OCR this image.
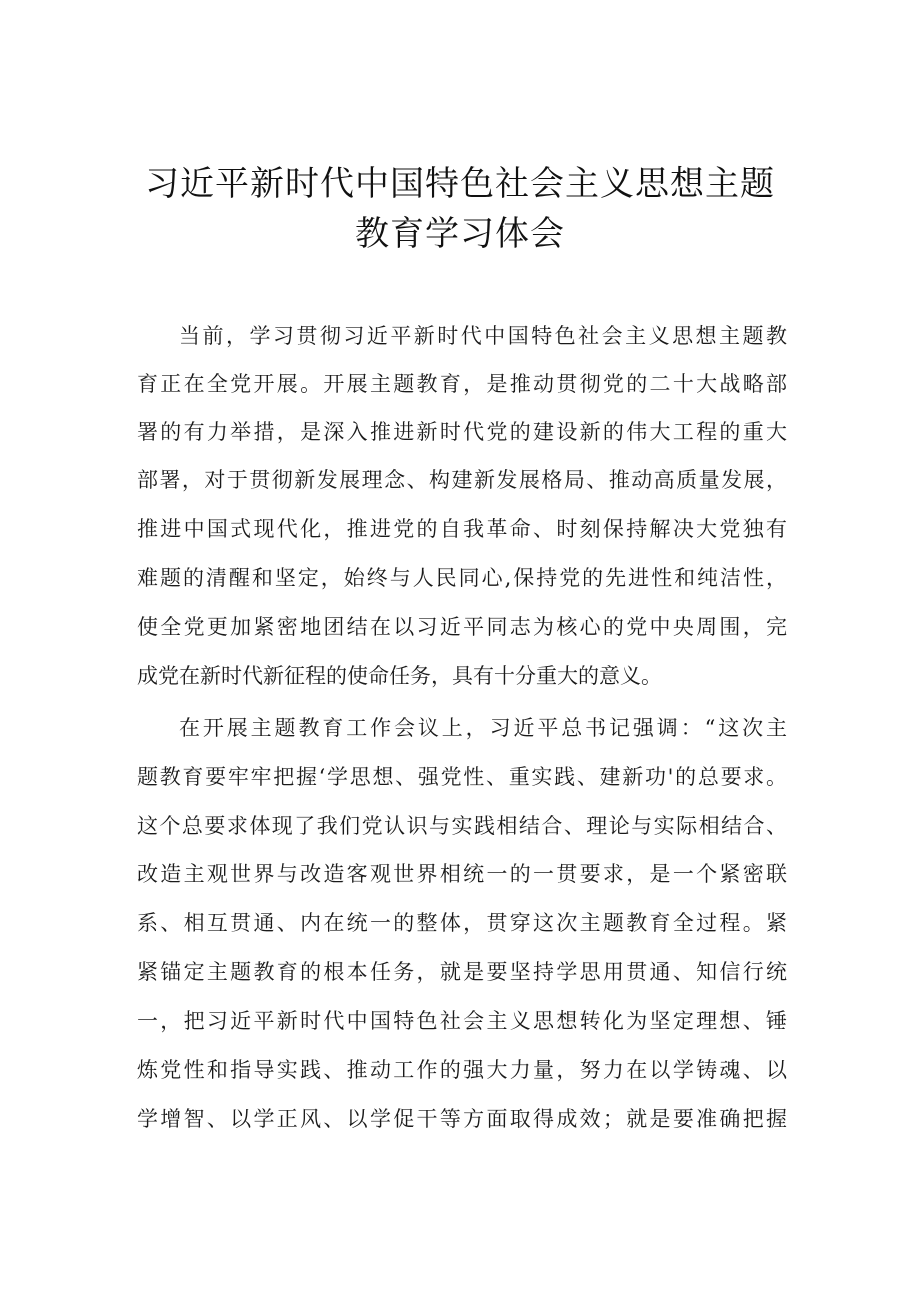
习近平新时代中国特色社会主义思想主题
教育学习体会

当前，学习贯彻习近平新时代中国特色社会主义思想主题教

育正在全党开展。开展主题教育，是推动贯彻党的二十大战略部

署的有力举措，是深入推进新时代党的建设新的伟大工程的重大

部署，对于贯彻新发展理念、构建新发展格局、推动高质量发展，

推进中国式现代化，推进党的自我革命、时刻保持解决大党独有

难题的清醒和坚定，始终与人民同心,保持党的先进性和纯洁性，

使全党更加紧密地团结在以习近平同志为核心的党中央周围，完

成党在新时代新征程的使命任务，具有十分重大的意义。

在开展主题教育工作会议上，习近平总书记强调：“这次主

题教育要牢牢把握‘学思想、强党性、重实践、建新功'的总要求。

这个总要求体现了我们党认识与实践相结合、理论与实际相结合、

改造主观世界与改造客观世界相统一的一贯要求，是一个紧密联

系、相互贯通、内在统一的整体，贯穿这次主题教育全过程。紧

紧锚定主题教育的根本任务，就是要坚持学思用贯通、知信行统

一，把习近平新时代中国特色社会主义思想转化为坚定理想、锤

炼党性和指导实践、推动工作的强大力量，努力在以学铸魂、以

学增智、以学正风、以学促干等方面取得成效；就是要准确把握
